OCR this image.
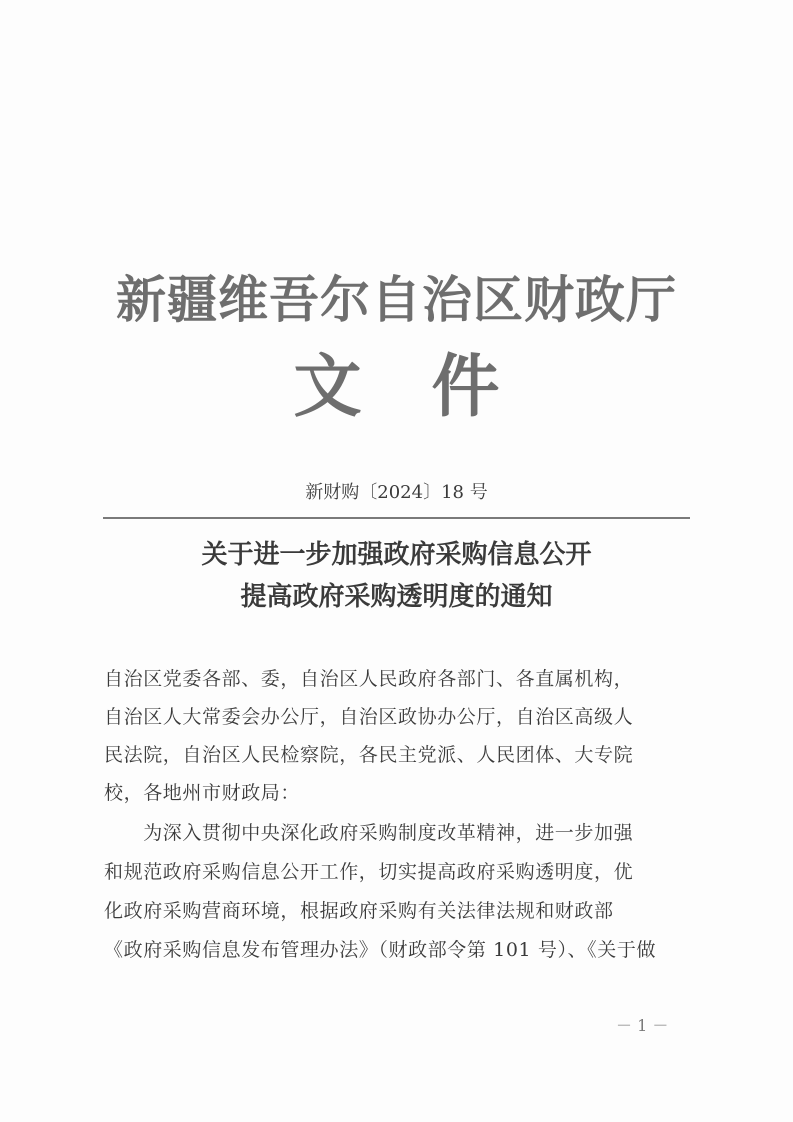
新疆维吾尔自治区财政厅
文件
新财购〔2024〕18 号
关于进一步加强政府采购信息公开
提高政府采购透明度的通知
自治区党委各部、委，自治区人民政府各部门、各直属机构，
自治区人大常委会办公厅，自治区政协办公厅，自治区高级人
民法院，自治区人民检察院，各民主党派、人民团体、大专院
校，各地州市财政局：
　　为深入贯彻中央深化政府采购制度改革精神，进一步加强
和规范政府采购信息公开工作，切实提高政府采购透明度，优
化政府采购营商环境，根据政府采购有关法律法规和财政部
《政府采购信息发布管理办法》（财政部令第 101 号）、《关于做
－ 1 －
